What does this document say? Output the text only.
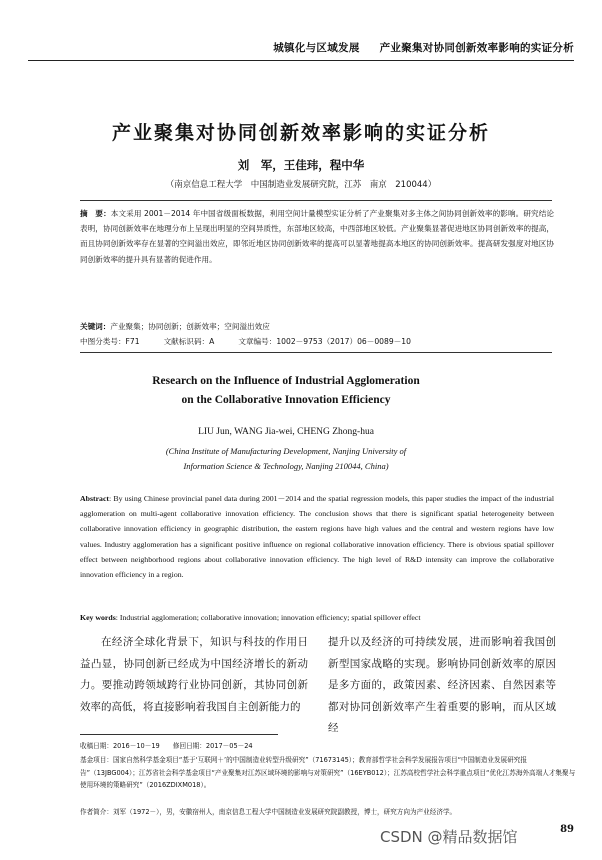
城镇化与区域发展 产业聚集对协同创新效率影响的实证分析
产业聚集对协同创新效率影响的实证分析
刘　军，王佳玮，程中华
（南京信息工程大学　中国制造业发展研究院，江苏　南京　210044）
摘　要：本文采用 2001－2014 年中国省级面板数据，利用空间计量模型实证分析了产业聚集对多主体之间协同创新效率的影响。研究结论表明，协同创新效率在地理分布上呈现出明显的空间异质性，东部地区较高，中西部地区较低。产业聚集显著促进地区协同创新效率的提高，而且协同创新效率存在显著的空间溢出效应，即邻近地区协同创新效率的提高可以显著地提高本地区的协同创新效率。提高研发强度对地区协同创新效率的提升具有显著的促进作用。
关键词：产业聚集；协同创新；创新效率；空间溢出效应
中图分类号：F71	文献标识码：A	文章编号：1002－9753（2017）06－0089－10
Research on the Influence of Industrial Agglomeration
on the Collaborative Innovation Efficiency
LIU Jun, WANG Jia-wei, CHENG Zhong-hua
(China Institute of Manufacturing Development, Nanjing University of
Information Science & Technology, Nanjing 210044, China)
Abstract: By using Chinese provincial panel data during 2001－2014 and the spatial regression models, this paper studies the impact of the industrial agglomeration on multi-agent collaborative innovation efficiency. The conclusion shows that there is significant spatial heterogeneity between collaborative innovation efficiency in geographic distribution, the eastern regions have high values and the central and western regions have low values. Industry agglomeration has a significant positive influence on regional collaborative innovation efficiency. There is obvious spatial spillover effect between neighborhood regions about collaborative innovation efficiency. The high level of R&D intensity can improve the collaborative innovation efficiency in a region.
Key words: Industrial agglomeration; collaborative innovation; innovation efficiency; spatial spillover effect
在经济全球化背景下，知识与科技的作用日益凸显，协同创新已经成为中国经济增长的新动力。要推动跨领域跨行业协同创新，其协同创新效率的高低，将直接影响着我国自主创新能力的
提升以及经济的可持续发展，进而影响着我国创新型国家战略的实现。影响协同创新效率的原因是多方面的，政策因素、经济因素、自然因素等都对协同创新效率产生着重要的影响，而从区域经
收稿日期：2016－10－19　　修回日期：2017－05－24
基金项目：国家自然科学基金项目“基于‘互联网＋’的中国制造业转型升级研究”（71673145）；教育部哲学社会科学发展报告项目“中国制造业发展研究报告”（13JBG004）；江苏省社会科学基金项目“产业聚集对江苏区域环境的影响与对策研究”（16EYB012）；江苏高校哲学社会科学重点项目“优化江苏海外高端人才集聚与使用环境的策略研究”（2016ZDIXM018）。
作者简介：刘军（1972－），男，安徽宿州人，南京信息工程大学中国制造业发展研究院副教授，博士，研究方向为产业经济学。
CSDN @精品数据馆	89
